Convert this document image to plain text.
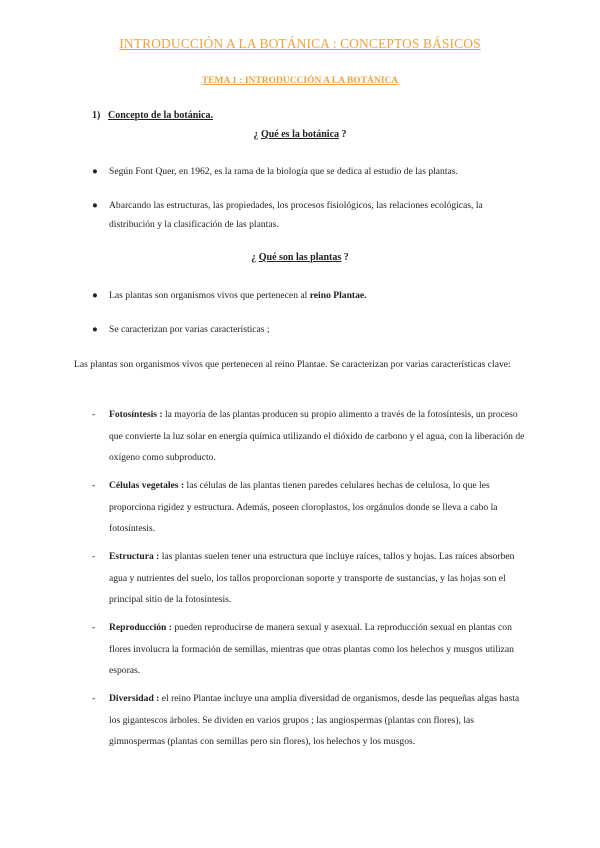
INTRODUCCIÓN A LA BOTÁNICA : CONCEPTOS BÁSICOS
TEMA 1 : INTRODUCCIÓN A LA BOTÁNICA
1) Concepto de la botánica.
¿ Qué es la botánica ?
● Según Font Quer, en 1962, es la rama de la biología que se dedica al estudio de las plantas.
● Abarcando las estructuras, las propiedades, los procesos fisiológicos, las relaciones ecológicas, la distribución y la clasificación de las plantas.
¿ Qué son las plantas ?
● Las plantas son organismos vivos que pertenecen al reino Plantae.
● Se caracterizan por varias características ;
Las plantas son organismos vivos que pertenecen al reino Plantae. Se caracterizan por varias características clave:
- Fotosíntesis : la mayoría de las plantas producen su propio alimento a través de la fotosíntesis, un proceso que convierte la luz solar en energía química utilizando el dióxido de carbono y el agua, con la liberación de oxígeno como subproducto.
- Células vegetales : las células de las plantas tienen paredes celulares hechas de celulosa, lo que les proporciona rigidez y estructura. Además, poseen cloroplastos, los orgánulos donde se lleva a cabo la fotosíntesis.
- Estructura : las plantas suelen tener una estructura que incluye raíces, tallos y hojas. Las raíces absorben agua y nutrientes del suelo, los tallos proporcionan soporte y transporte de sustancias, y las hojas son el principal sitio de la fotosíntesis.
- Reproducción : pueden reproducirse de manera sexual y asexual. La reproducción sexual en plantas con flores involucra la formación de semillas, mientras que otras plantas como los helechos y musgos utilizan esporas.
- Diversidad : el reino Plantae incluye una amplia diversidad de organismos, desde las pequeñas algas hasta los gigantescos árboles. Se dividen en varios grupos ; las angiospermas (plantas con flores), las gimnospermas (plantas con semillas pero sin flores), los helechos y los musgos.
